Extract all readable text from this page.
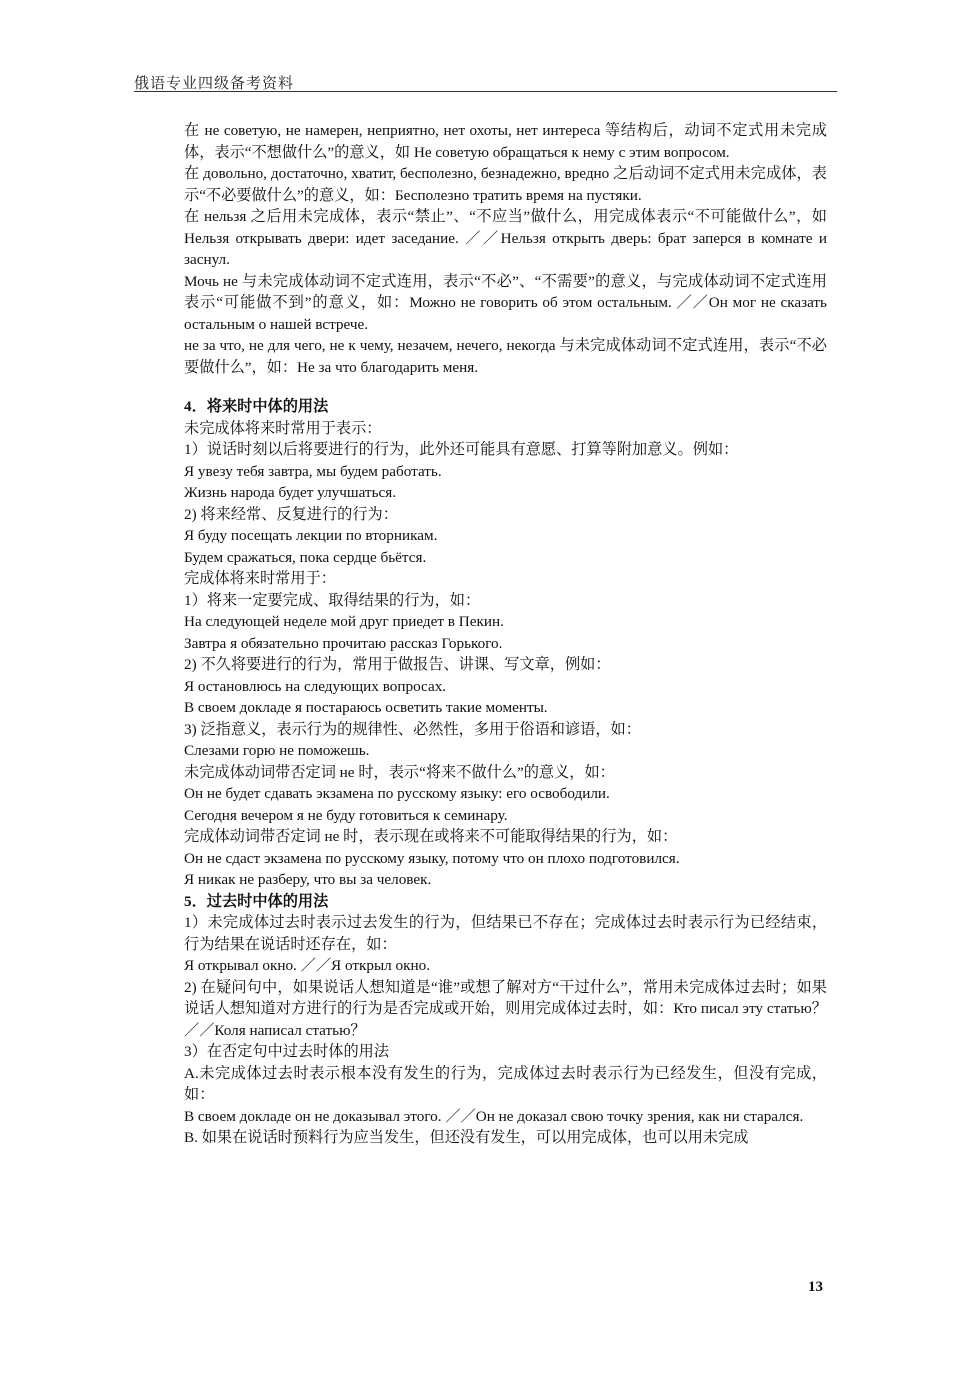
俄语专业四级备考资料
在 не советую, не намерен, неприятно, нет охоты, нет интереса 等结构后，动词不定式用未完成体，表示“不想做什么”的意义，如 Не советую обращаться к нему с этим вопросом.
在 довольно, достаточно, хватит, бесполезно, безнадежно, вредно 之后动词不定式用未完成体，表示“不必要做什么”的意义，如：Бесполезно тратить время на пустяки.
在 нельзя 之后用未完成体，表示“禁止”、“不应当”做什么，用完成体表示“不可能做什么”，如 Нельзя открывать двери: идет заседание. ／／Нельзя открыть дверь: брат заперся в комнате и заснул.
Мочь не 与未完成体动词不定式连用，表示“不必”、“不需要”的意义，与完成体动词不定式连用表示“可能做不到”的意义，如：Можно не говорить об этом остальным. ／／Он мог не сказать остальным о нашей встрече.
не за что, не для чего, не к чему, незачем, нечего, некогда 与未完成体动词不定式连用，表示“不必要做什么”，如：Не за что благодарить меня.
4．将来时中体的用法
未完成体将来时常用于表示：
1）说话时刻以后将要进行的行为，此外还可能具有意愿、打算等附加意义。例如：
Я увезу тебя завтра, мы будем работать.
Жизнь народа будет улучшаться.
2) 将来经常、反复进行的行为：
Я буду посещать лекции по вторникам.
Будем сражаться, пока сердце бьётся.
完成体将来时常用于：
1）将来一定要完成、取得结果的行为，如：
На следующей неделе мой друг приедет в Пекин.
Завтра я обязательно прочитаю рассказ Горького.
2) 不久将要进行的行为，常用于做报告、讲课、写文章，例如：
Я остановлюсь на следующих вопросах.
В своем докладе я постараюсь осветить такие моменты.
3) 泛指意义，表示行为的规律性、必然性，多用于俗语和谚语，如：
Слезами горю не поможешь.
未完成体动词带否定词 не 时，表示“将来不做什么”的意义，如：
Он не будет сдавать экзамена по русскому языку: его освободили.
Сегодня вечером я не буду готовиться к семинару.
完成体动词带否定词 не 时，表示现在或将来不可能取得结果的行为，如：
Он не сдаст экзамена по русскому языку, потому что он плохо подготовился.
Я никак не разберу, что вы за человек.
5．过去时中体的用法
1）未完成体过去时表示过去发生的行为，但结果已不存在；完成体过去时表示行为已经结束，行为结果在说话时还存在，如：
Я открывал окно. ／／Я открыл окно.
2) 在疑问句中，如果说话人想知道是“谁”或想了解对方“干过什么”，常用未完成体过去时；如果说话人想知道对方进行的行为是否完成或开始，则用完成体过去时，如：Кто писал эту статью？ ／／Коля написал статью？
3）在否定句中过去时体的用法
A.未完成体过去时表示根本没有发生的行为，完成体过去时表示行为已经发生，但没有完成，如：
В своем докладе он не доказывал этого. ／／Он не доказал свою точку зрения, как ни старался.
B. 如果在说话时预料行为应当发生，但还没有发生，可以用完成体，也可以用未完成
13
